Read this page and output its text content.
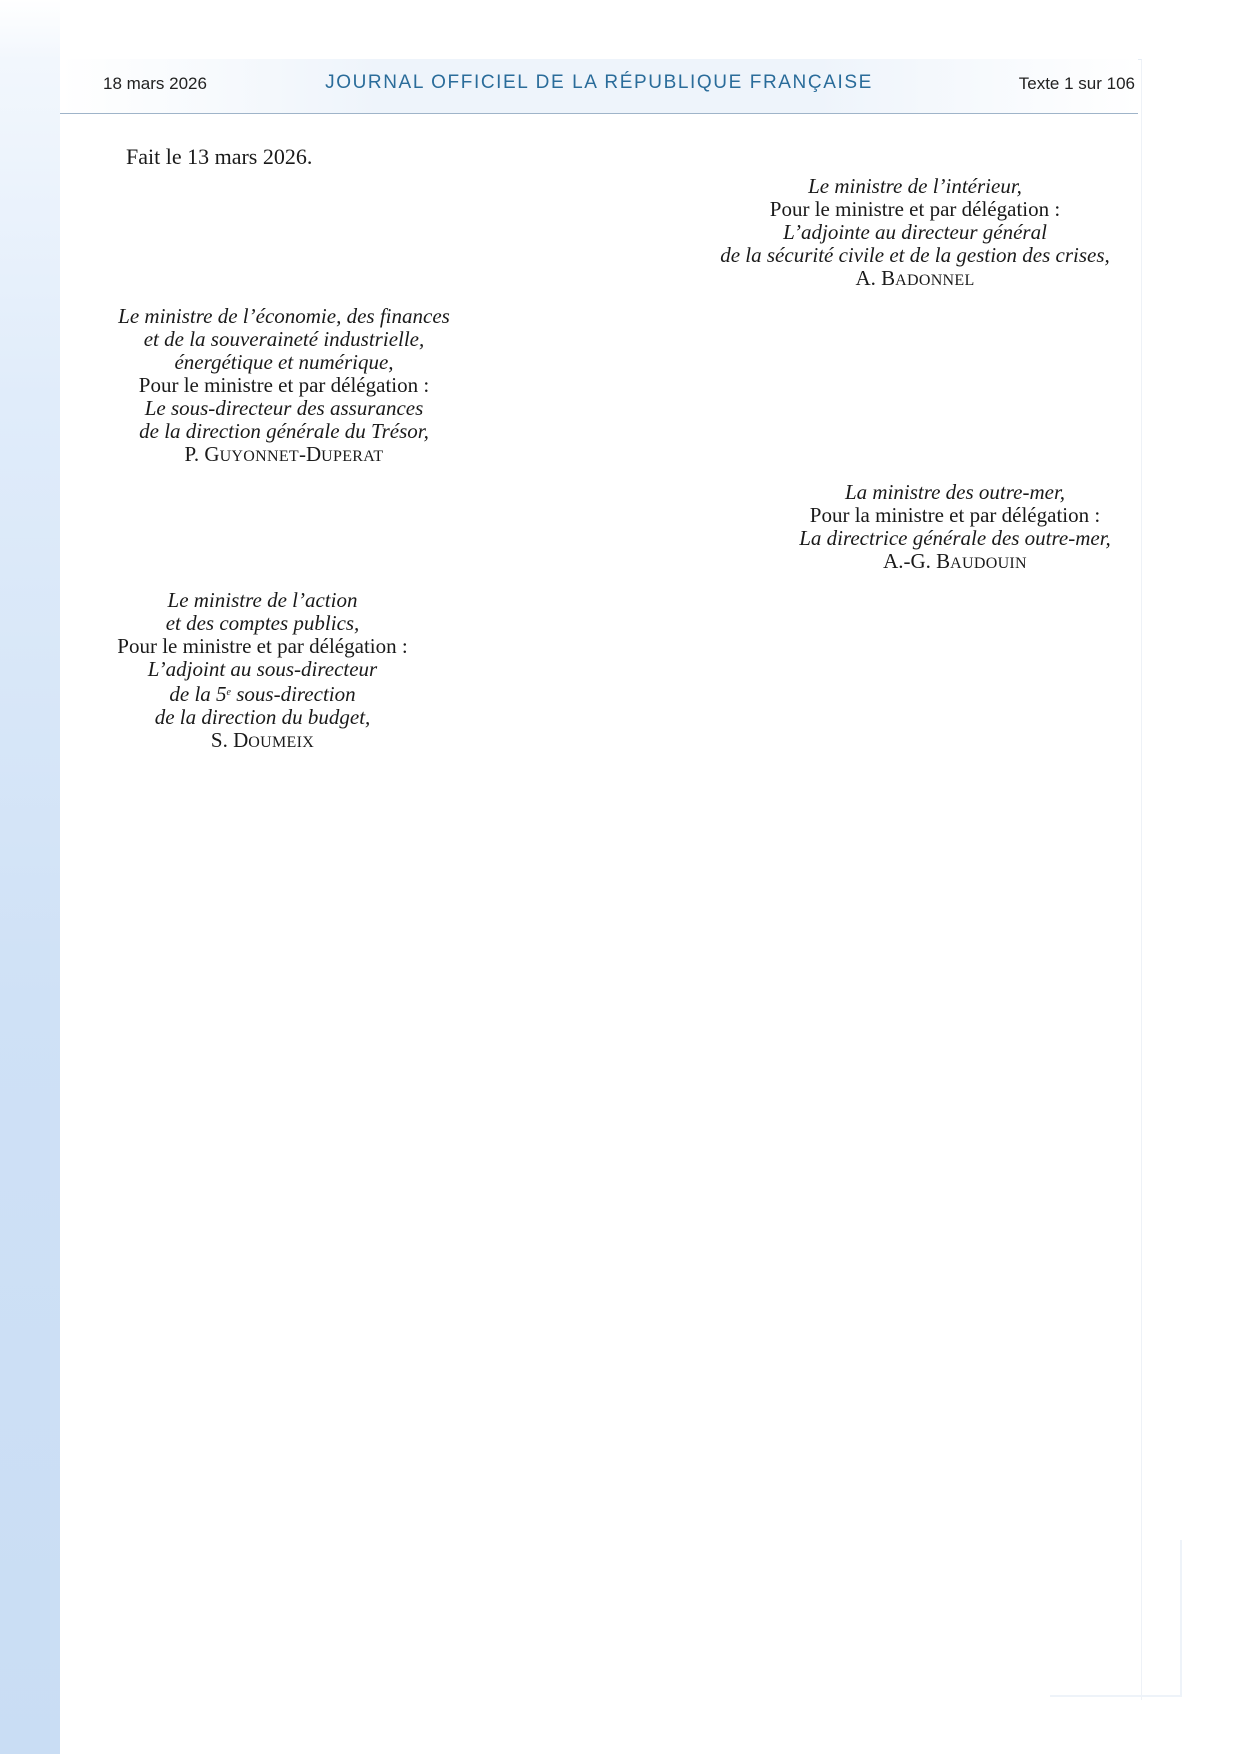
18 mars 2026	JOURNAL OFFICIEL DE LA RÉPUBLIQUE FRANÇAISE	Texte 1 sur 106
Fait le 13 mars 2026.
Le ministre de l’intérieur,
Pour le ministre et par délégation :
L’adjointe au directeur général
de la sécurité civile et de la gestion des crises,
A. BADONNEL
Le ministre de l’économie, des finances
et de la souveraineté industrielle,
énergétique et numérique,
Pour le ministre et par délégation :
Le sous-directeur des assurances
de la direction générale du Trésor,
P. GUYONNET-DUPERAT
La ministre des outre-mer,
Pour la ministre et par délégation :
La directrice générale des outre-mer,
A.-G. BAUDOUIN
Le ministre de l’action
et des comptes publics,
Pour le ministre et par délégation :
L’adjoint au sous-directeur
de la 5e sous-direction
de la direction du budget,
S. DOUMEIX
